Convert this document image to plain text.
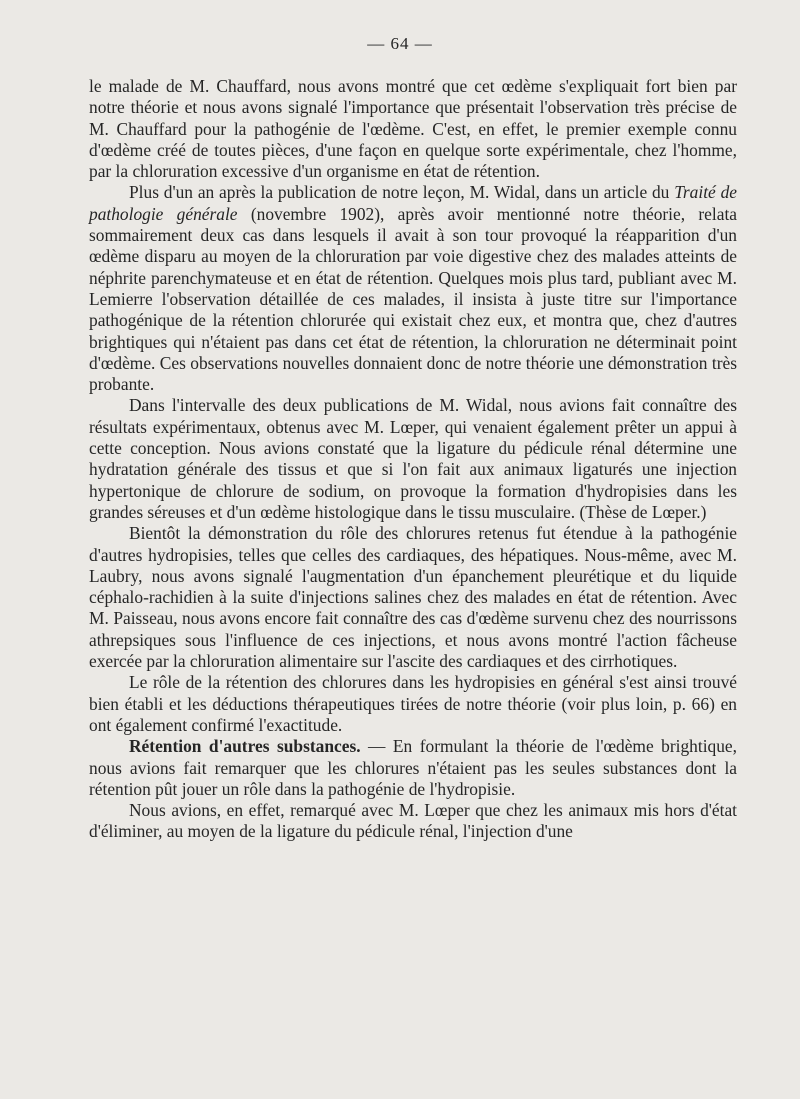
— 64 —

le malade de M. Chauffard, nous avons montré que cet œdème s'expliquait fort bien par notre théorie et nous avons signalé l'importance que présentait l'observation très précise de M. Chauffard pour la pathogénie de l'œdème. C'est, en effet, le premier exemple connu d'œdème créé de toutes pièces, d'une façon en quelque sorte expérimentale, chez l'homme, par la chloruration excessive d'un organisme en état de rétention.

Plus d'un an après la publication de notre leçon, M. Widal, dans un article du Traité de pathologie générale (novembre 1902), après avoir mentionné notre théorie, relata sommairement deux cas dans lesquels il avait à son tour provoqué la réapparition d'un œdème disparu au moyen de la chloruration par voie digestive chez des malades atteints de néphrite parenchymateuse et en état de rétention. Quelques mois plus tard, publiant avec M. Lemierre l'observation détaillée de ces malades, il insista à juste titre sur l'importance pathogénique de la rétention chlorurée qui existait chez eux, et montra que, chez d'autres brightiques qui n'étaient pas dans cet état de rétention, la chloruration ne déterminait point d'œdème. Ces observations nouvelles donnaient donc de notre théorie une démonstration très probante.

Dans l'intervalle des deux publications de M. Widal, nous avions fait connaître des résultats expérimentaux, obtenus avec M. Lœper, qui venaient également prêter un appui à cette conception. Nous avions constaté que la ligature du pédicule rénal détermine une hydratation générale des tissus et que si l'on fait aux animaux ligaturés une injection hypertonique de chlorure de sodium, on provoque la formation d'hydropisies dans les grandes séreuses et d'un œdème histologique dans le tissu musculaire. (Thèse de Lœper.)

Bientôt la démonstration du rôle des chlorures retenus fut étendue à la pathogénie d'autres hydropisies, telles que celles des cardiaques, des hépatiques. Nous-même, avec M. Laubry, nous avons signalé l'augmentation d'un épanchement pleurétique et du liquide céphalo-rachidien à la suite d'injections salines chez des malades en état de rétention. Avec M. Paisseau, nous avons encore fait connaître des cas d'œdème survenu chez des nourrissons athrepsiques sous l'influence de ces injections, et nous avons montré l'action fâcheuse exercée par la chloruration alimentaire sur l'ascite des cardiaques et des cirrhotiques.

Le rôle de la rétention des chlorures dans les hydropisies en général s'est ainsi trouvé bien établi et les déductions thérapeutiques tirées de notre théorie (voir plus loin, p. 66) en ont également confirmé l'exactitude.

Rétention d'autres substances. — En formulant la théorie de l'œdème brightique, nous avions fait remarquer que les chlorures n'étaient pas les seules substances dont la rétention pût jouer un rôle dans la pathogénie de l'hydropisie.

Nous avions, en effet, remarqué avec M. Lœper que chez les animaux mis hors d'état d'éliminer, au moyen de la ligature du pédicule rénal, l'injection d'une
